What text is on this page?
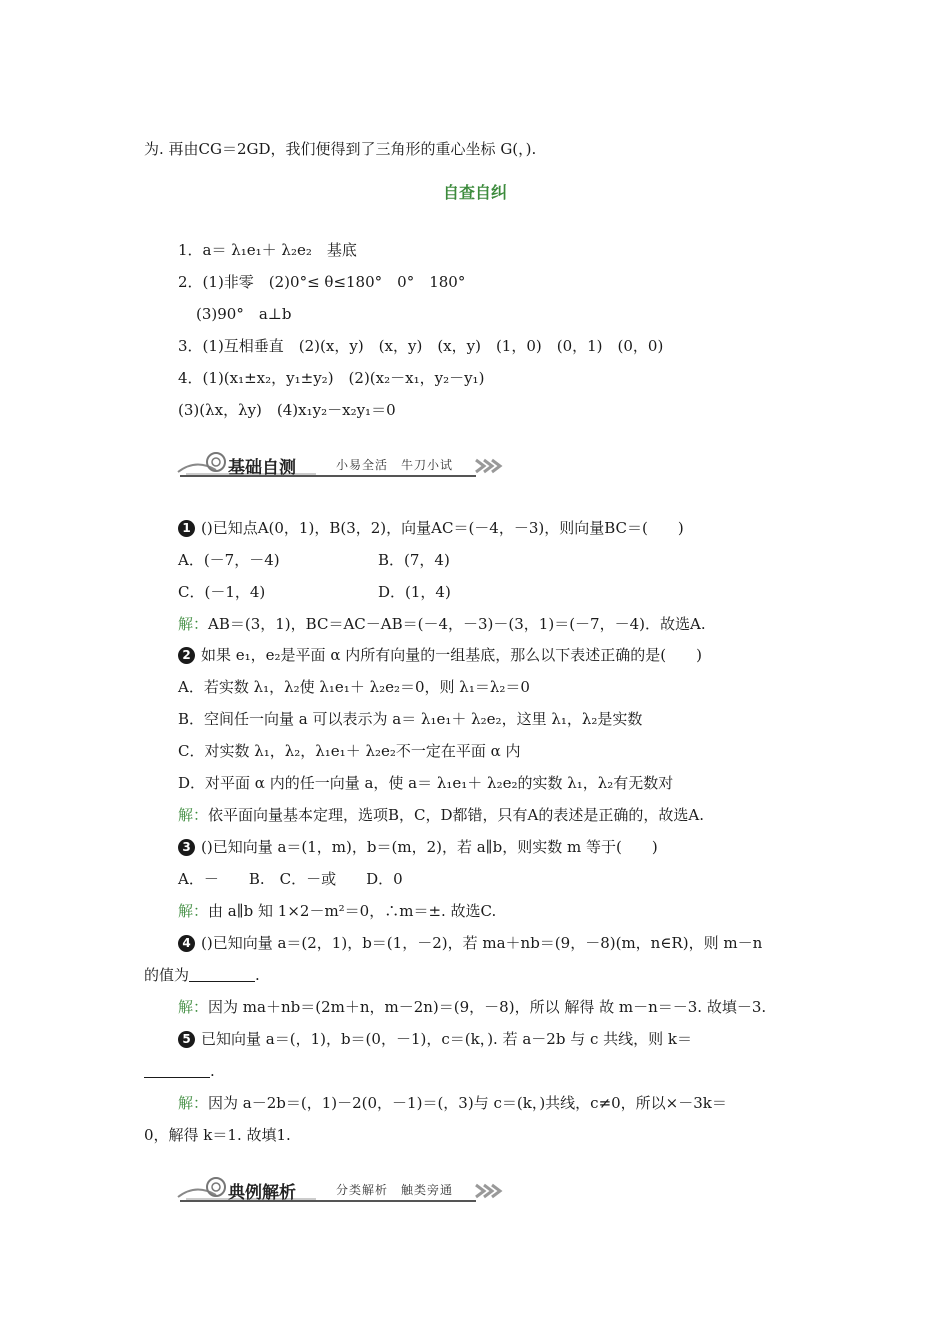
为. 再由CG＝2GD，我们便得到了三角形的重心坐标 G(，).
自查自纠
1．a＝ λ₁e₁＋ λ₂e₂　基底
2．(1)非零　(2)0°≤ θ≤180°　0°　180°
(3)90°　a⊥b
3．(1)互相垂直　(2)(x，y)　(x，y)　(x，y)　(1，0)　(0，1)　(0，0)
4．(1)(x₁±x₂，y₁±y₂)　(2)(x₂－x₁，y₂－y₁)
(3)(λx，λy)　(4)x₁y₂－x₂y₁＝0
基础自测	小易全活　牛刀小试
1 ()已知点A(0，1)，B(3，2)，向量AC＝(－4，－3)，则向量BC＝(　　)
A．(－7，－4)	B．(7，4)
C．(－1，4)	D．(1，4)
解：AB＝(3，1)，BC＝AC－AB＝(－4，－3)－(3，1)＝(－7，－4)．故选A.
2 如果 e₁，e₂是平面 α 内所有向量的一组基底，那么以下表述正确的是(　　)
A．若实数 λ₁，λ₂使 λ₁e₁＋ λ₂e₂＝0，则 λ₁＝λ₂＝0
B．空间任一向量 a 可以表示为 a＝ λ₁e₁＋ λ₂e₂，这里 λ₁，λ₂是实数
C．对实数 λ₁，λ₂，λ₁e₁＋ λ₂e₂不一定在平面 α 内
D．对平面 α 内的任一向量 a，使 a＝ λ₁e₁＋ λ₂e₂的实数 λ₁，λ₂有无数对
解：依平面向量基本定理，选项B，C，D都错，只有A的表述是正确的，故选A.
3 ()已知向量 a＝(1，m)，b＝(m，2)，若 a∥b，则实数 m 等于(　　)
A．－　　B.　C．－或　　D．0
解：由 a∥b 知 1×2－m²＝0，∴m＝±. 故选C.
4 ()已知向量 a＝(2，1)，b＝(1，－2)，若 ma＋nb＝(9，－8)(m，n∈R)，则 m－n
的值为	.
解：因为 ma＋nb＝(2m＋n，m－2n)＝(9，－8)，所以 解得 故 m－n＝－3. 故填－3.
5 已知向量 a＝(，1)，b＝(0，－1)，c＝(k，). 若 a－2b 与 c 共线，则 k＝
.
解：因为 a－2b＝(，1)－2(0，－1)＝(，3)与 c＝(k，)共线，c≠0，所以×－3k＝
0，解得 k＝1. 故填1.
典例解析	分类解析　触类旁通
